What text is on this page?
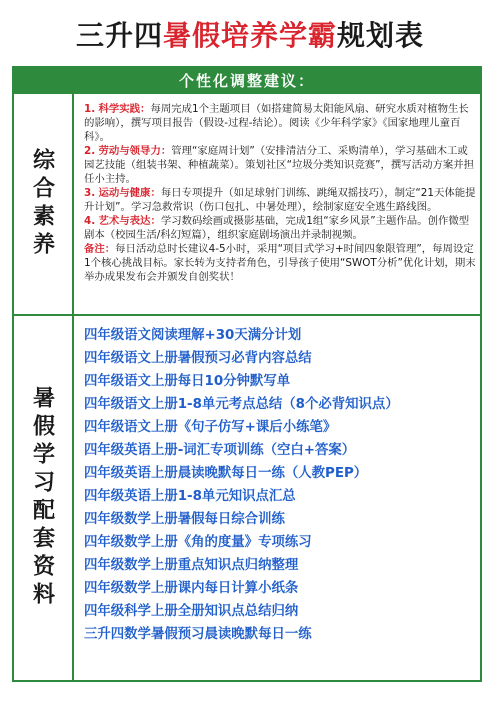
三升四暑假培养学霸规划表
个性化调整建议：
综合素养

1. 科学实践：每周完成1个主题项目（如搭建简易太阳能风扇、研究水质对植物生长的影响），撰写项目报告（假设-过程-结论）。阅读《少年科学家》《国家地理儿童百科》。

2. 劳动与领导力：管理“家庭周计划”（安排清洁分工、采购清单），学习基础木工或园艺技能（组装书架、种植蔬菜）。策划社区“垃圾分类知识竞赛”，撰写活动方案并担任小主持。

3. 运动与健康：每日专项提升（如足球射门训练、跳绳双摇技巧），制定“21天体能提升计划”。学习急救常识（伤口包扎、中暑处理），绘制家庭安全逃生路线图。

4. 艺术与表达：学习数码绘画或摄影基础，完成1组“家乡风景”主题作品。创作微型剧本（校园生活/科幻短篇），组织家庭剧场演出并录制视频。

备注：每日活动总时长建议4-5小时，采用“项目式学习+时间四象限管理”，每周设定1个核心挑战目标。家长转为支持者角色，引导孩子使用“SWOT分析”优化计划，期末举办成果发布会并颁发自创奖状！

暑假学习配套资料
四年级语文阅读理解+30天满分计划
四年级语文上册暑假预习必背内容总结
四年级语文上册每日10分钟默写单
四年级语文上册1-8单元考点总结（8个必背知识点）
四年级语文上册《句子仿写+课后小练笔》
四年级英语上册-词汇专项训练（空白+答案）
四年级英语上册晨读晚默每日一练（人教PEP）
四年级英语上册1-8单元知识点汇总
四年级数学上册暑假每日综合训练
四年级数学上册《角的度量》专项练习
四年级数学上册重点知识点归纳整理
四年级数学上册课内每日计算小纸条
四年级科学上册全册知识点总结归纳
三升四数学暑假预习晨读晚默每日一练
